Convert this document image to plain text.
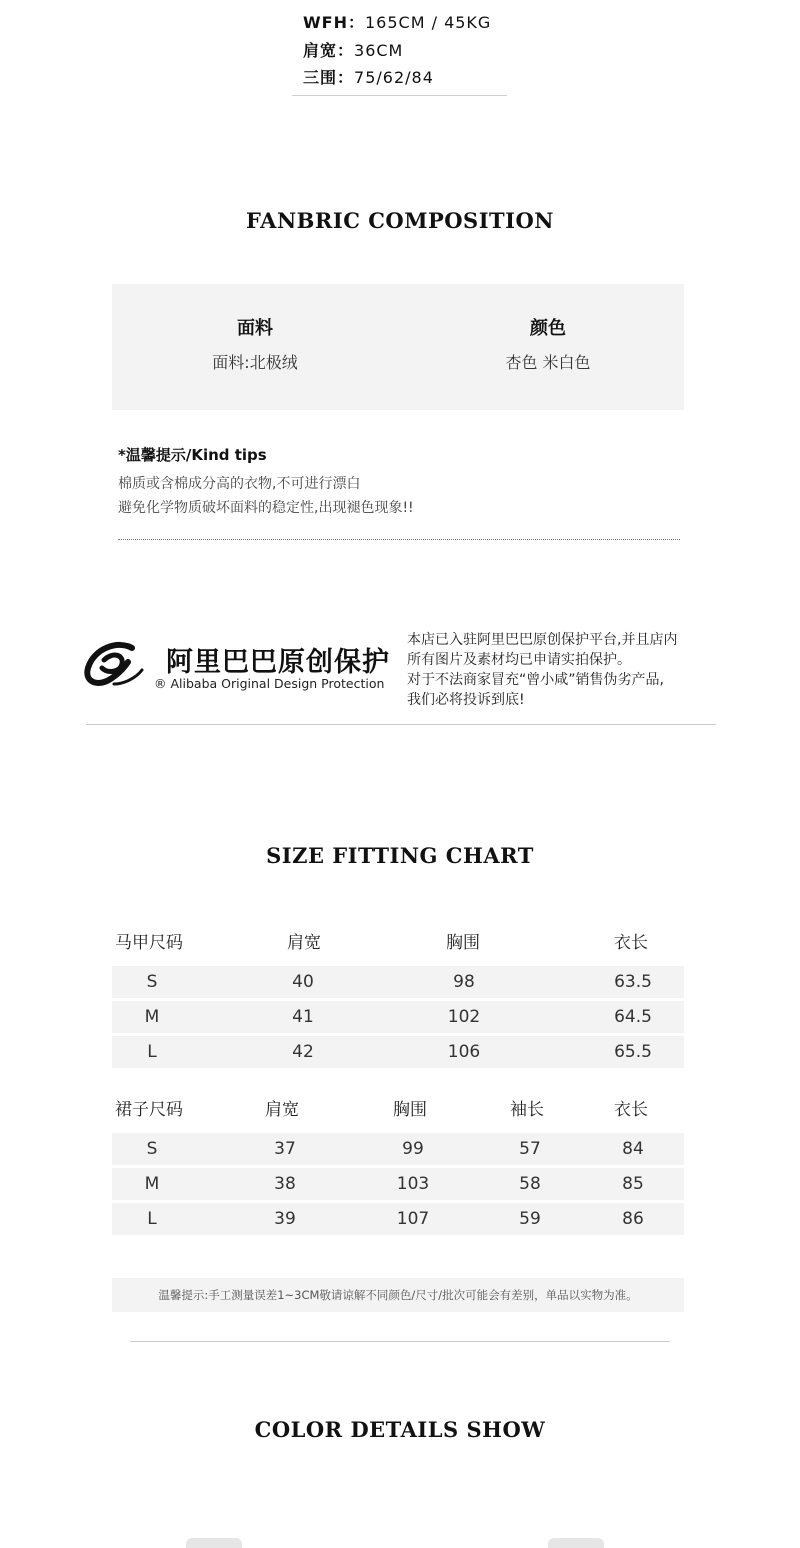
WFH：165CM / 45KG
肩宽：36CM
三围：75/62/84
FANBRIC COMPOSITION
面料
面料:北极绒
颜色
杏色 米白色
*温馨提示/Kind tips
棉质或含棉成分高的衣物,不可进行漂白
避免化学物质破坏面料的稳定性,出现褪色现象!!
阿里巴巴原创保护
® Alibaba Original Design Protection
本店已入驻阿里巴巴原创保护平台,并且店内
所有图片及素材均已申请实拍保护。
对于不法商家冒充“曾小咸”销售伪劣产品,
我们必将投诉到底!
SIZE FITTING CHART
马甲尺码	肩宽	胸围	衣长
S	40	98	63.5
M	41	102	64.5
L	42	106	65.5
裙子尺码	肩宽	胸围	袖长	衣长
S	37	99	57	84
M	38	103	58	85
L	39	107	59	86
温馨提示:手工测量误差1~3CM敬请谅解不同颜色/尺寸/批次可能会有差别，单品以实物为准。
COLOR DETAILS SHOW
